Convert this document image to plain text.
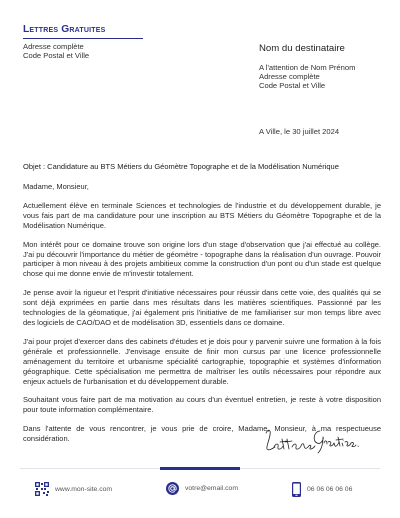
Lettres Gratuites
Adresse complète
Code Postal et Ville
Nom du destinataire
A l'attention de Nom Prénom
Adresse complète
Code Postal et Ville
A Ville, le 30 juillet 2024
Objet : Candidature au BTS Métiers du Géomètre Topographe et de la Modélisation Numérique

Madame, Monsieur,

Actuellement élève en terminale Sciences et technologies de l'industrie et du développement durable, je vous fais part de ma candidature pour une inscription au BTS Métiers du Géomètre Topographe et de la Modélisation Numérique.

Mon intérêt pour ce domaine trouve son origine lors d'un stage d'observation que j'ai effectué au collège. J'ai pu découvrir l'importance du métier de géomètre - topographe dans la réalisation d'un ouvrage. Pouvoir participer à mon niveau à des projets ambitieux comme la construction d'un pont ou d'un stade est quelque chose qui me donne envie de m'investir totalement.

Je pense avoir la rigueur et l'esprit d'initiative nécessaires pour réussir dans cette voie, des qualités qui se sont déjà exprimées en partie dans mes résultats dans les matières scientifiques. Passionné par les technologies de la géomatique, j'ai également pris l'initiative de me familiariser sur mon temps libre avec des logiciels de CAO/DAO et de modélisation 3D, essentiels dans ce domaine.

J'ai pour projet d'exercer dans des cabinets d'études et je dois pour y parvenir suivre une formation à la fois générale et professionnelle. J'envisage ensuite de finir mon cursus par une licence professionnelle aménagement du territoire et urbanisme spécialité cartographie, topographie et systèmes d'information géographique. Cette spécialisation me permettra de maîtriser les outils nécessaires pour répondre aux enjeux actuels de l'urbanisation et du développement durable.

Souhaitant vous faire part de ma motivation au cours d'un éventuel entretien, je reste à votre disposition pour toute information complémentaire.

Dans l'attente de vous rencontrer, je vous prie de croire, Madame, Monsieur, à ma respectueuse considération.

www.mon-site.com	votre@email.com	06 06 06 06 06
